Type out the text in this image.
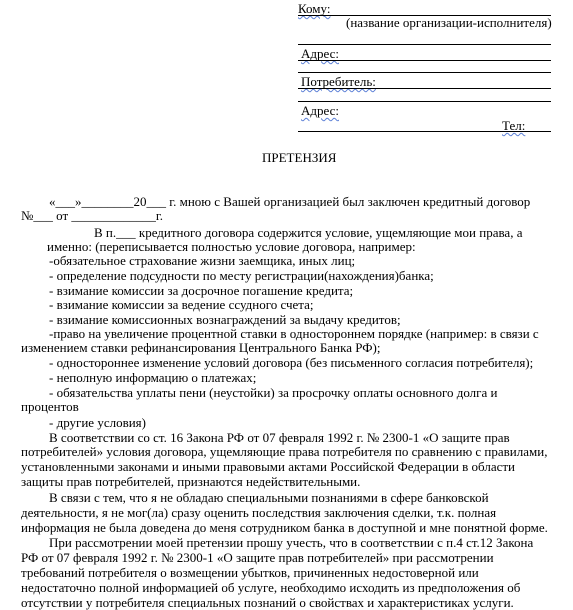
Кому:
(название организации-исполнителя)
Адрес:
Потребитель:
Адрес:
Тел:
ПРЕТЕНЗИЯ
«___»________20___ г. мною с Вашей организацией был заключен кредитный договор
№___ от _____________г.
В п.___ кредитного договора содержится условие, ущемляющие мои права, а
именно: (переписывается полностью условие договора, например:
-обязательное страхование жизни заемщика, иных лиц;
- определение подсудности по месту регистрации(нахождения)банка;
- взимание комиссии за досрочное погашение кредита;
- взимание комиссии за ведение ссудного счета;
- взимание комиссионных вознаграждений за выдачу кредитов;
-право на увеличение процентной ставки в одностороннем порядке (например: в связи с
изменением ставки рефинансирования Центрального Банка РФ);
- одностороннее изменение условий договора (без письменного согласия потребителя);
- неполную информацию о платежах;
- обязательства уплаты пени (неустойки) за просрочку оплаты основного долга и
процентов
- другие условия)
В соответствии со ст. 16 Закона РФ от 07 февраля 1992 г. № 2300-1 «О защите прав
потребителей» условия договора, ущемляющие права потребителя по сравнению с правилами,
установленными законами и иными правовыми актами Российской Федерации в области
защиты прав потребителей, признаются недействительными.
В связи с тем, что я не обладаю специальными познаниями в сфере банковской
деятельности, я не мог(ла) сразу оценить последствия заключения сделки, т.к. полная
информация не была доведена до меня сотрудником банка в доступной и мне понятной форме.
При рассмотрении моей претензии прошу учесть, что в соответствии с п.4 ст.12 Закона
РФ от 07 февраля 1992 г. № 2300-1 «О защите прав потребителей» при рассмотрении
требований потребителя о возмещении убытков, причиненных недостоверной или
недостаточно полной информацией об услуге, необходимо исходить из предположения об
отсутствии у потребителя специальных познаний о свойствах и характеристиках услуги.
